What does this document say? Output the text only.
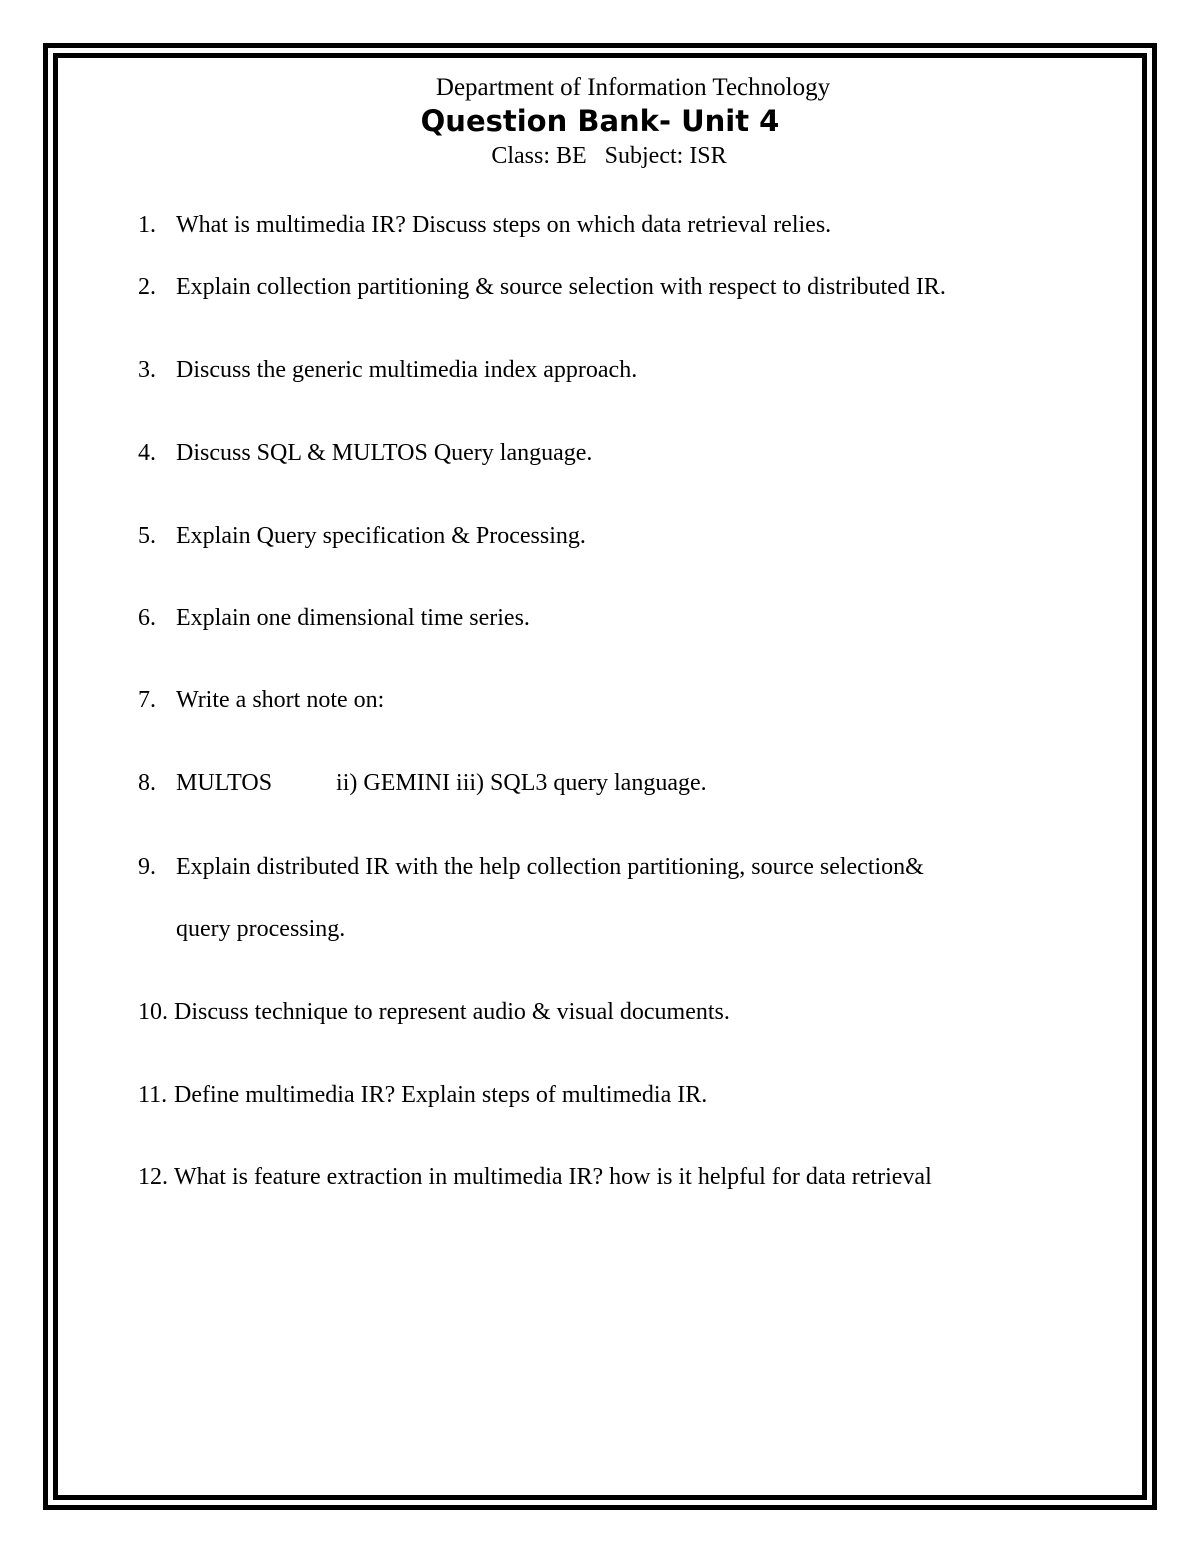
Department of Information Technology
Question Bank- Unit 4
Class: BE Subject: ISR
1. What is multimedia IR? Discuss steps on which data retrieval relies.
2. Explain collection partitioning & source selection with respect to distributed IR.
3. Discuss the generic multimedia index approach.
4. Discuss SQL & MULTOS Query language.
5. Explain Query specification & Processing.
6. Explain one dimensional time series.
7. Write a short note on:
8. MULTOS	ii) GEMINI iii) SQL3 query language.
9. Explain distributed IR with the help collection partitioning, source selection&
query processing.
10. Discuss technique to represent audio & visual documents.
11. Define multimedia IR? Explain steps of multimedia IR.
12. What is feature extraction in multimedia IR? how is it helpful for data retrieval
